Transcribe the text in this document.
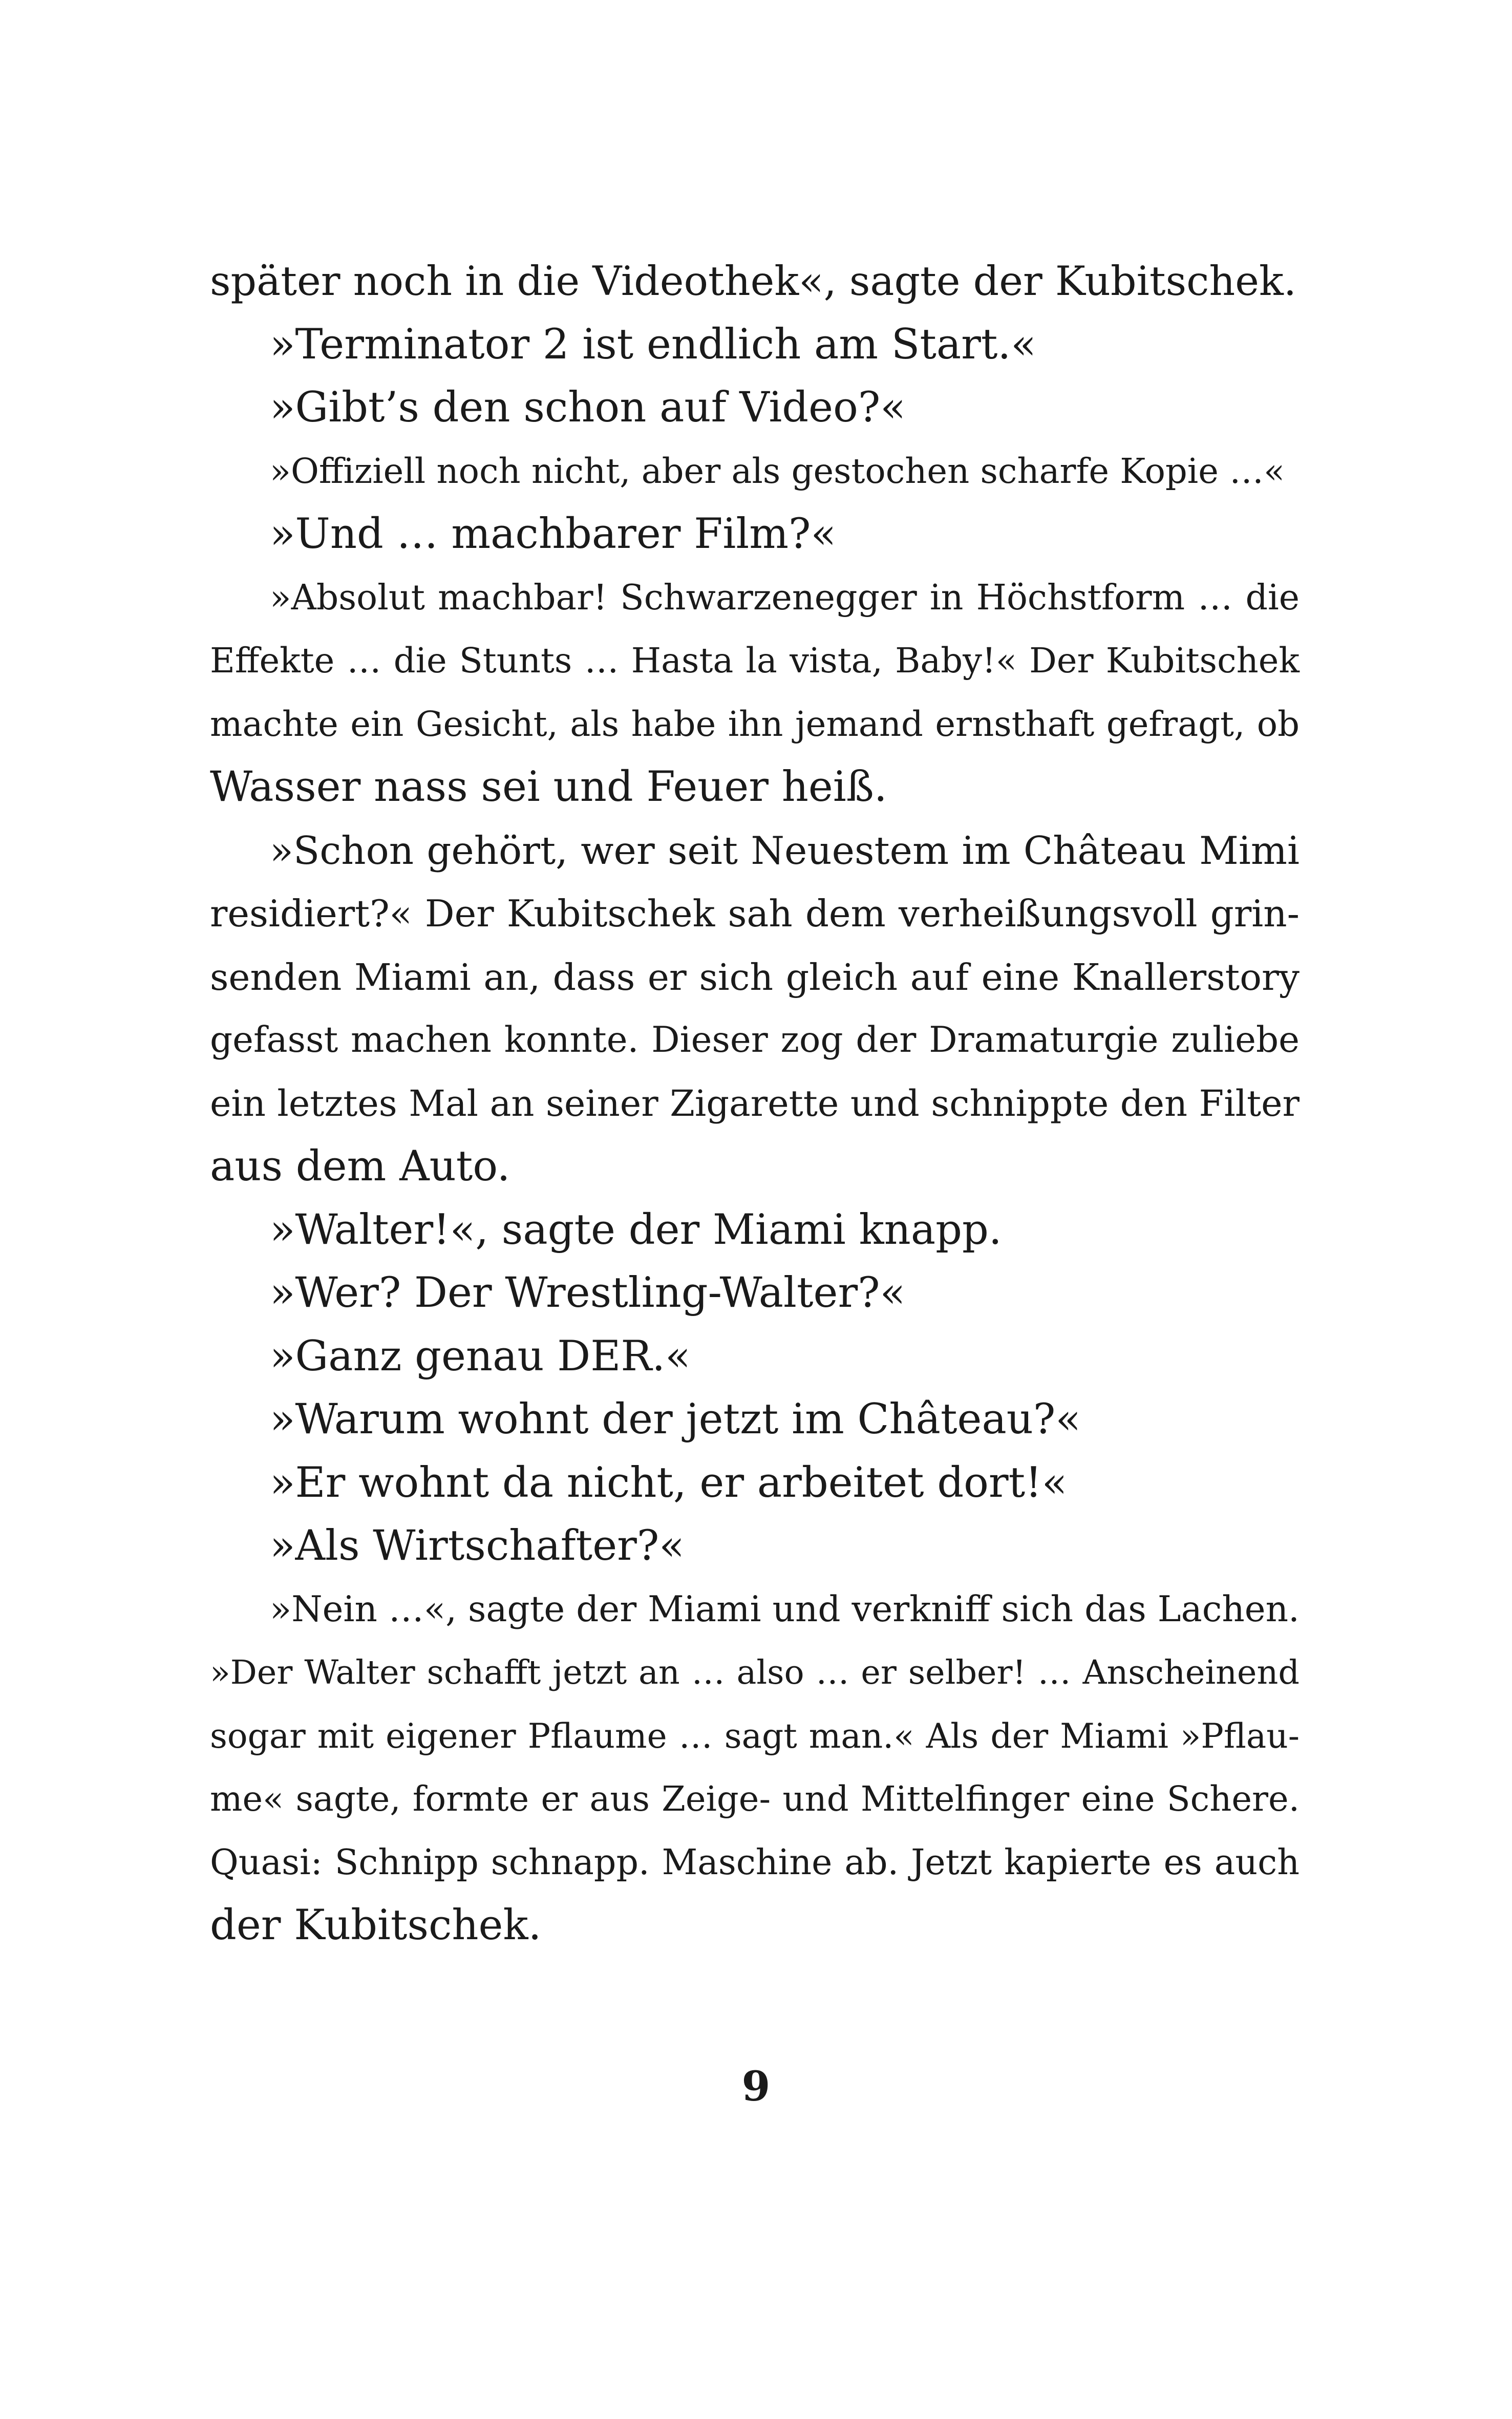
später noch in die Videothek«, sagte der Kubitschek.
»Terminator 2 ist endlich am Start.«
»Gibt’s den schon auf Video?«
»Offiziell noch nicht, aber als gestochen scharfe Kopie …«
»Und … machbarer Film?«
»Absolut machbar! Schwarzenegger in Höchstform … die
Effekte … die Stunts … Hasta la vista, Baby!« Der Kubitschek
machte ein Gesicht, als habe ihn jemand ernsthaft gefragt, ob
Wasser nass sei und Feuer heiß.
»Schon gehört, wer seit Neuestem im Château Mimi
residiert?« Der Kubitschek sah dem verheißungsvoll grin-
senden Miami an, dass er sich gleich auf eine Knallerstory
gefasst machen konnte. Dieser zog der Dramaturgie zuliebe
ein letztes Mal an seiner Zigarette und schnippte den Filter
aus dem Auto.
»Walter!«, sagte der Miami knapp.
»Wer? Der Wrestling-Walter?«
»Ganz genau DER.«
»Warum wohnt der jetzt im Château?«
»Er wohnt da nicht, er arbeitet dort!«
»Als Wirtschafter?«
»Nein …«, sagte der Miami und verkniff sich das Lachen.
»Der Walter schafft jetzt an … also … er selber! … Anscheinend
sogar mit eigener Pflaume … sagt man.« Als der Miami »Pflau-
me« sagte, formte er aus Zeige- und Mittelfinger eine Schere.
Quasi: Schnipp schnapp. Maschine ab. Jetzt kapierte es auch
der Kubitschek.
9
